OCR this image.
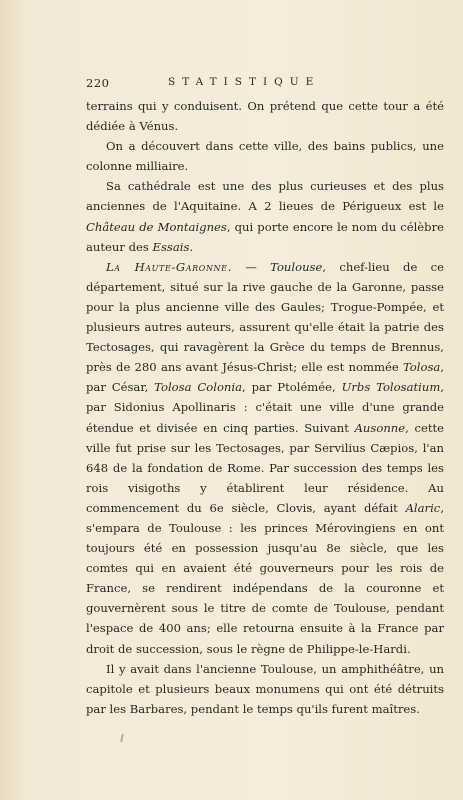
220	STATISTIQUE

terrains qui y conduisent. On prétend que cette tour a été dédiée à Vénus.

On a découvert dans cette ville, des bains publics, une colonne milliaire.

Sa cathédrale est une des plus curieuses et des plus anciennes de l'Aquitaine. A 2 lieues de Périgueux est le Château de Montaignes, qui porte encore le nom du célèbre auteur des Essais.

La Haute-Garonne. — Toulouse, chef-lieu de ce département, situé sur la rive gauche de la Garonne, passe pour la plus ancienne ville des Gaules; Trogue-Pompée, et plusieurs autres auteurs, assurent qu'elle était la patrie des Tectosages, qui ravagèrent la Grèce du temps de Brennus, près de 280 ans avant Jésus-Christ; elle est nommée Tolosa, par César, Tolosa Colonia, par Ptolémée, Urbs Tolosatium, par Sidonius Apollinaris : c'était une ville d'une grande étendue et divisée en cinq parties. Suivant Ausonne, cette ville fut prise sur les Tectosages, par Servilius Cæpios, l'an 648 de la fondation de Rome. Par succession des temps les rois visigoths y établirent leur résidence. Au commencement du 6e siècle, Clovis, ayant défait Alaric, s'empara de Toulouse : les princes Mérovingiens en ont toujours été en possession jusqu'au 8e siècle, que les comtes qui en avaient été gouverneurs pour les rois de France, se rendirent indépendans de la couronne et gouvernèrent sous le titre de comte de Toulouse, pendant l'espace de 400 ans; elle retourna ensuite à la France par droit de succession, sous le règne de Philippe-le-Hardi.

Il y avait dans l'ancienne Toulouse, un amphithéâtre, un capitole et plusieurs beaux monumens qui ont été détruits par les Barbares, pendant le temps qu'ils furent maîtres.
